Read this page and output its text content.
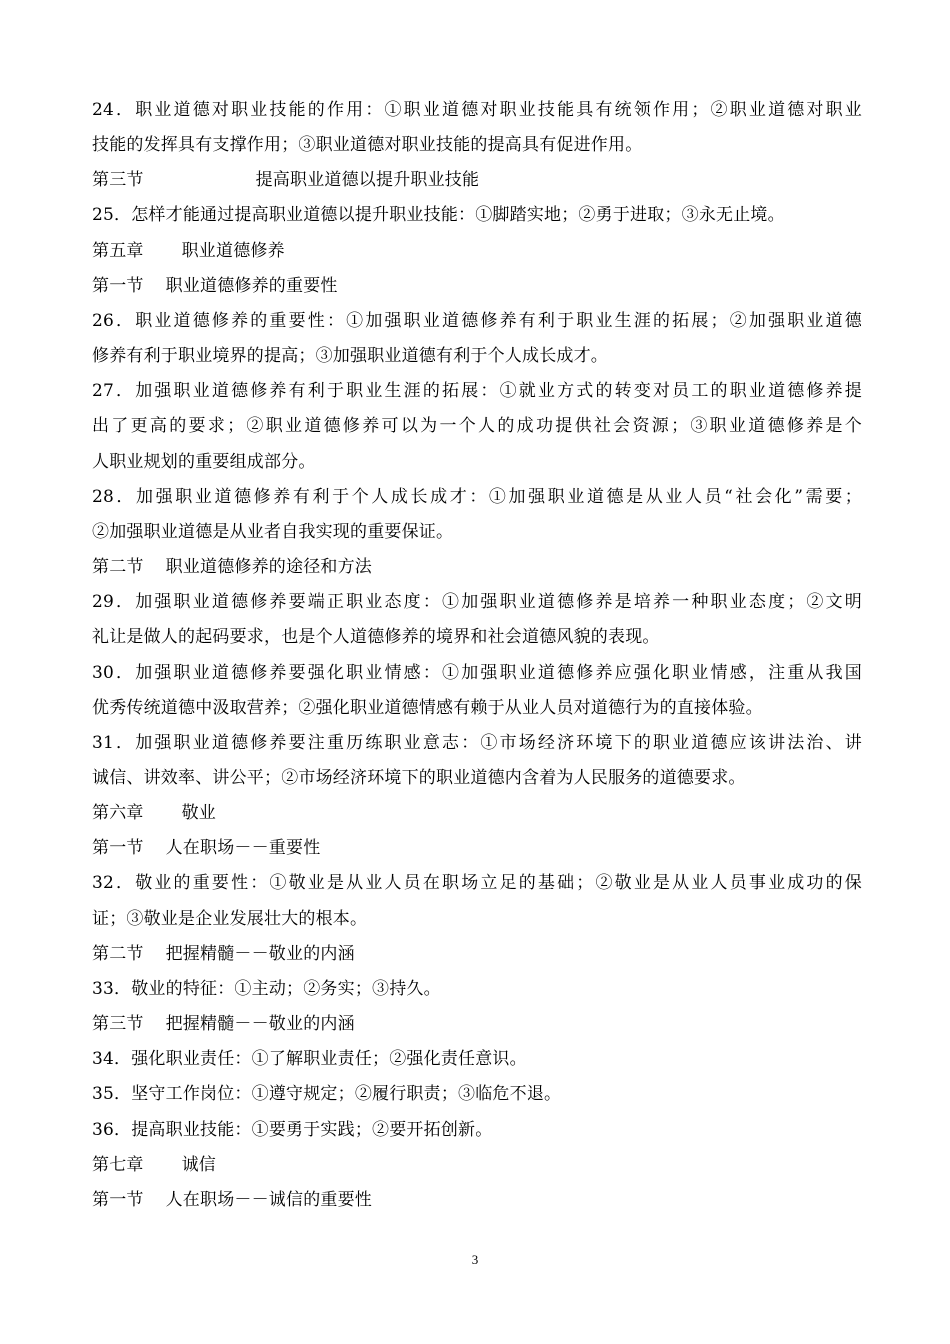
24．职业道德对职业技能的作用：①职业道德对职业技能具有统领作用；②职业道德对职业
技能的发挥具有支撑作用；③职业道德对职业技能的提高具有促进作用。
第三节	提高职业道德以提升职业技能
25．怎样才能通过提高职业道德以提升职业技能：①脚踏实地；②勇于进取；③永无止境。
第五章 职业道德修养
第一节 职业道德修养的重要性
26．职业道德修养的重要性：①加强职业道德修养有利于职业生涯的拓展；②加强职业道德
修养有利于职业境界的提高；③加强职业道德有利于个人成长成才。
27．加强职业道德修养有利于职业生涯的拓展：①就业方式的转变对员工的职业道德修养提
出了更高的要求；②职业道德修养可以为一个人的成功提供社会资源；③职业道德修养是个
人职业规划的重要组成部分。
28．加强职业道德修养有利于个人成长成才：①加强职业道德是从业人员“社会化”需要；
②加强职业道德是从业者自我实现的重要保证。
第二节 职业道德修养的途径和方法
29．加强职业道德修养要端正职业态度：①加强职业道德修养是培养一种职业态度；②文明
礼让是做人的起码要求，也是个人道德修养的境界和社会道德风貌的表现。
30．加强职业道德修养要强化职业情感：①加强职业道德修养应强化职业情感，注重从我国
优秀传统道德中汲取营养；②强化职业道德情感有赖于从业人员对道德行为的直接体验。
31．加强职业道德修养要注重历练职业意志：①市场经济环境下的职业道德应该讲法治、讲
诚信、讲效率、讲公平；②市场经济环境下的职业道德内含着为人民服务的道德要求。
第六章 敬业
第一节 人在职场－－重要性
32．敬业的重要性：①敬业是从业人员在职场立足的基础；②敬业是从业人员事业成功的保
证；③敬业是企业发展壮大的根本。
第二节 把握精髓－－敬业的内涵
33．敬业的特征：①主动；②务实；③持久。
第三节 把握精髓－－敬业的内涵
34．强化职业责任：①了解职业责任；②强化责任意识。
35．坚守工作岗位：①遵守规定；②履行职责；③临危不退。
36．提高职业技能：①要勇于实践；②要开拓创新。
第七章 诚信
第一节 人在职场－－诚信的重要性
3
